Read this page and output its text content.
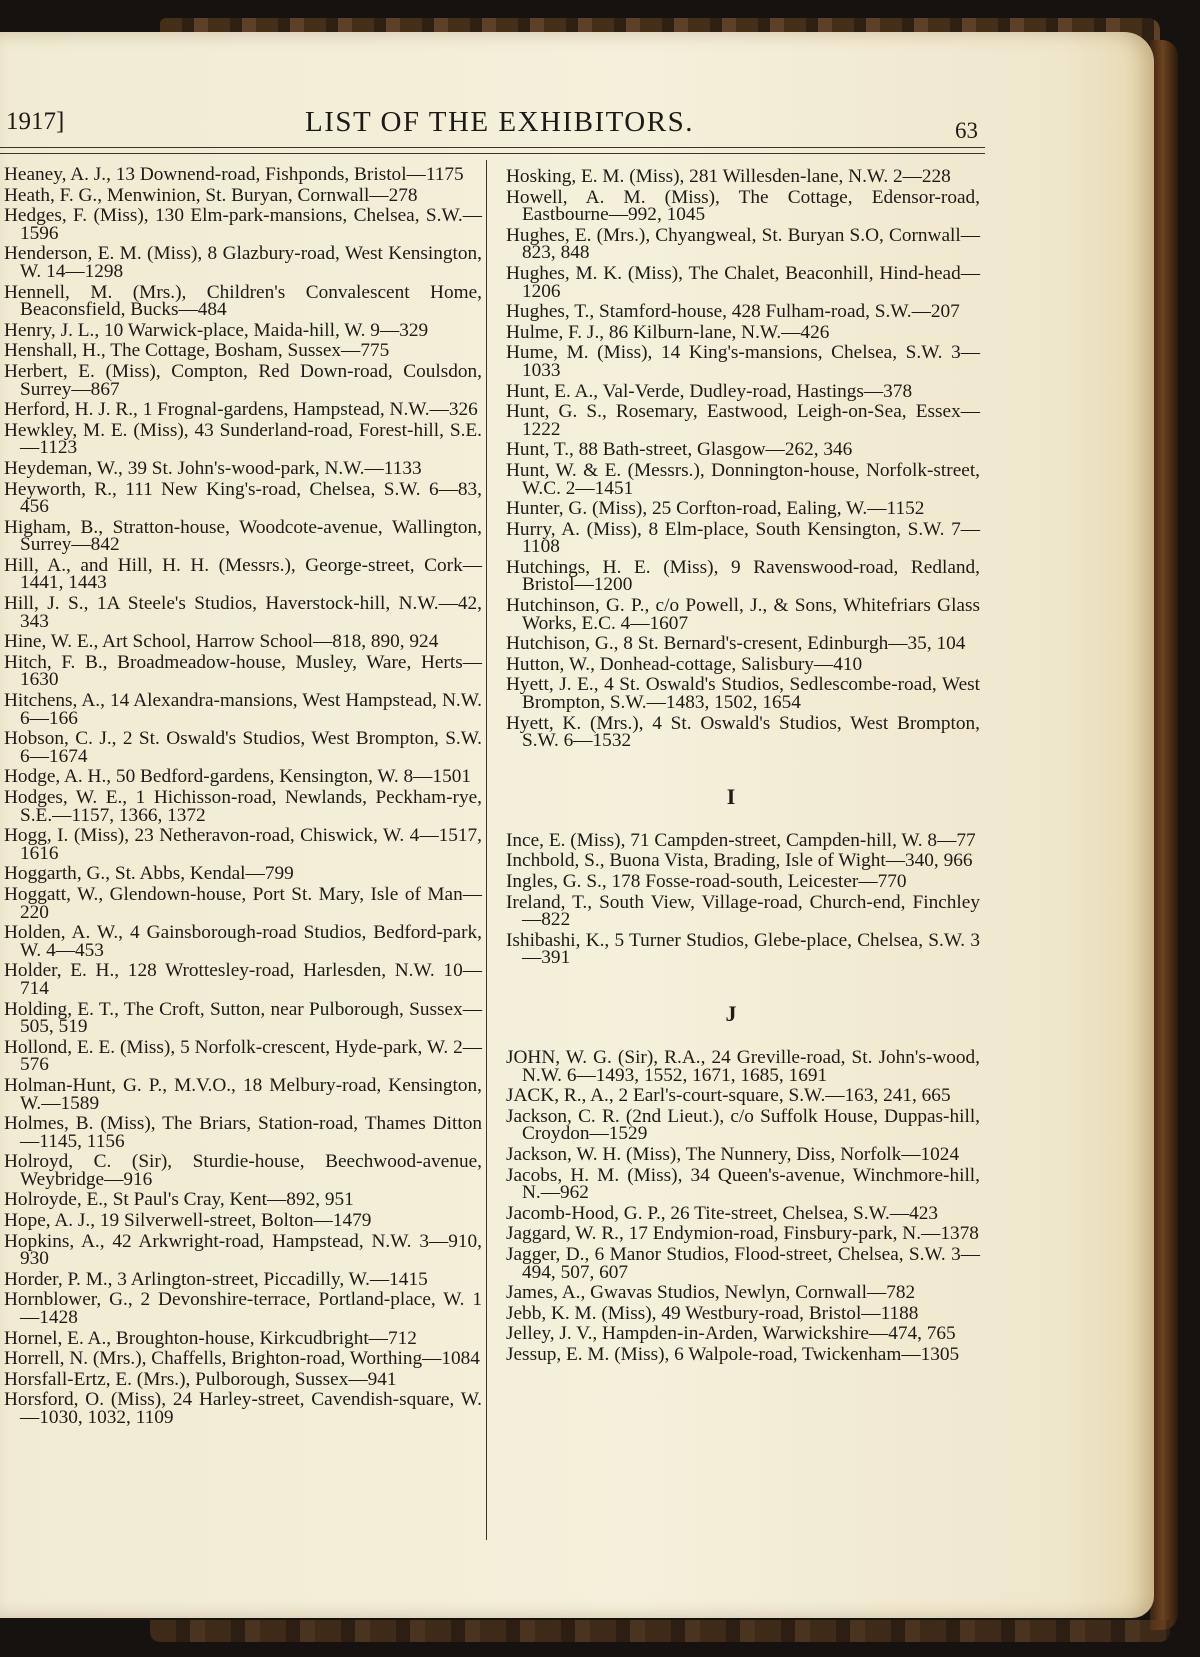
1917]	LIST OF THE EXHIBITORS.	63

Heaney, A. J., 13 Downend-road, Fishponds, Bristol—1175

Heath, F. G., Menwinion, St. Buryan, Cornwall—278

Hedges, F. (Miss), 130 Elm-park-mansions, Chelsea, S.W.—1596

Henderson, E. M. (Miss), 8 Glazbury-road, West Kensington, W. 14—1298

Hennell, M. (Mrs.), Children's Convalescent Home, Beaconsfield, Bucks—484

Henry, J. L., 10 Warwick-place, Maida-hill, W. 9—329

Henshall, H., The Cottage, Bosham, Sussex—775

Herbert, E. (Miss), Compton, Red Down-road, Coulsdon, Surrey—867

Herford, H. J. R., 1 Frognal-gardens, Hampstead, N.W.—326

Hewkley, M. E. (Miss), 43 Sunderland-road, Forest-hill, S.E.—1123

Heydeman, W., 39 St. John's-wood-park, N.W.—1133

Heyworth, R., 111 New King's-road, Chelsea, S.W. 6—83, 456

Higham, B., Stratton-house, Woodcote-avenue, Wallington, Surrey—842

Hill, A., and Hill, H. H. (Messrs.), George-street, Cork—1441, 1443

Hill, J. S., 1A Steele's Studios, Haverstock-hill, N.W.—42, 343

Hine, W. E., Art School, Harrow School—818, 890, 924

Hitch, F. B., Broadmeadow-house, Musley, Ware, Herts—1630

Hitchens, A., 14 Alexandra-mansions, West Hampstead, N.W. 6—166

Hobson, C. J., 2 St. Oswald's Studios, West Brompton, S.W. 6—1674

Hodge, A. H., 50 Bedford-gardens, Kensington, W. 8—1501

Hodges, W. E., 1 Hichisson-road, Newlands, Peckham-rye, S.E.—1157, 1366, 1372

Hogg, I. (Miss), 23 Netheravon-road, Chiswick, W. 4—1517, 1616

Hoggarth, G., St. Abbs, Kendal—799

Hoggatt, W., Glendown-house, Port St. Mary, Isle of Man—220

Holden, A. W., 4 Gainsborough-road Studios, Bedford-park, W. 4—453

Holder, E. H., 128 Wrottesley-road, Harlesden, N.W. 10—714

Holding, E. T., The Croft, Sutton, near Pulborough, Sussex—505, 519

Hollond, E. E. (Miss), 5 Norfolk-crescent, Hyde-park, W. 2—576

Holman-Hunt, G. P., M.V.O., 18 Melbury-road, Kensington, W.—1589

Holmes, B. (Miss), The Briars, Station-road, Thames Ditton—1145, 1156

Holroyd, C. (Sir), Sturdie-house, Beechwood-avenue, Weybridge—916

Holroyde, E., St Paul's Cray, Kent—892, 951

Hope, A. J., 19 Silverwell-street, Bolton—1479

Hopkins, A., 42 Arkwright-road, Hampstead, N.W. 3—910, 930

Horder, P. M., 3 Arlington-street, Piccadilly, W.—1415

Hornblower, G., 2 Devonshire-terrace, Portland-place, W. 1—1428

Hornel, E. A., Broughton-house, Kirkcudbright—712

Horrell, N. (Mrs.), Chaffells, Brighton-road, Worthing—1084

Horsfall-Ertz, E. (Mrs.), Pulborough, Sussex—941

Horsford, O. (Miss), 24 Harley-street, Cavendish-square, W.—1030, 1032, 1109

Hosking, E. M. (Miss), 281 Willesden-lane, N.W. 2—228

Howell, A. M. (Miss), The Cottage, Edensor-road, Eastbourne—992, 1045

Hughes, E. (Mrs.), Chyangweal, St. Buryan S.O, Cornwall—823, 848

Hughes, M. K. (Miss), The Chalet, Beaconhill, Hind-head—1206

Hughes, T., Stamford-house, 428 Fulham-road, S.W.—207

Hulme, F. J., 86 Kilburn-lane, N.W.—426

Hume, M. (Miss), 14 King's-mansions, Chelsea, S.W. 3—1033

Hunt, E. A., Val-Verde, Dudley-road, Hastings—378

Hunt, G. S., Rosemary, Eastwood, Leigh-on-Sea, Essex—1222

Hunt, T., 88 Bath-street, Glasgow—262, 346

Hunt, W. & E. (Messrs.), Donnington-house, Norfolk-street, W.C. 2—1451

Hunter, G. (Miss), 25 Corfton-road, Ealing, W.—1152

Hurry, A. (Miss), 8 Elm-place, South Kensington, S.W. 7—1108

Hutchings, H. E. (Miss), 9 Ravenswood-road, Redland, Bristol—1200

Hutchinson, G. P., c/o Powell, J., & Sons, Whitefriars Glass Works, E.C. 4—1607

Hutchison, G., 8 St. Bernard's-cresent, Edinburgh—35, 104

Hutton, W., Donhead-cottage, Salisbury—410

Hyett, J. E., 4 St. Oswald's Studios, Sedlescombe-road, West Brompton, S.W.—1483, 1502, 1654

Hyett, K. (Mrs.), 4 St. Oswald's Studios, West Brompton, S.W. 6—1532

I

Ince, E. (Miss), 71 Campden-street, Campden-hill, W. 8—77

Inchbold, S., Buona Vista, Brading, Isle of Wight—340, 966

Ingles, G. S., 178 Fosse-road-south, Leicester—770

Ireland, T., South View, Village-road, Church-end, Finchley—822

Ishibashi, K., 5 Turner Studios, Glebe-place, Chelsea, S.W. 3—391

J

JOHN, W. G. (Sir), R.A., 24 Greville-road, St. John's-wood, N.W. 6—1493, 1552, 1671, 1685, 1691

JACK, R., A., 2 Earl's-court-square, S.W.—163, 241, 665

Jackson, C. R. (2nd Lieut.), c/o Suffolk House, Duppas-hill, Croydon—1529

Jackson, W. H. (Miss), The Nunnery, Diss, Norfolk—1024

Jacobs, H. M. (Miss), 34 Queen's-avenue, Winchmore-hill, N.—962

Jacomb-Hood, G. P., 26 Tite-street, Chelsea, S.W.—423

Jaggard, W. R., 17 Endymion-road, Finsbury-park, N.—1378

Jagger, D., 6 Manor Studios, Flood-street, Chelsea, S.W. 3—494, 507, 607

James, A., Gwavas Studios, Newlyn, Cornwall—782

Jebb, K. M. (Miss), 49 Westbury-road, Bristol—1188

Jelley, J. V., Hampden-in-Arden, Warwickshire—474, 765

Jessup, E. M. (Miss), 6 Walpole-road, Twickenham—1305
